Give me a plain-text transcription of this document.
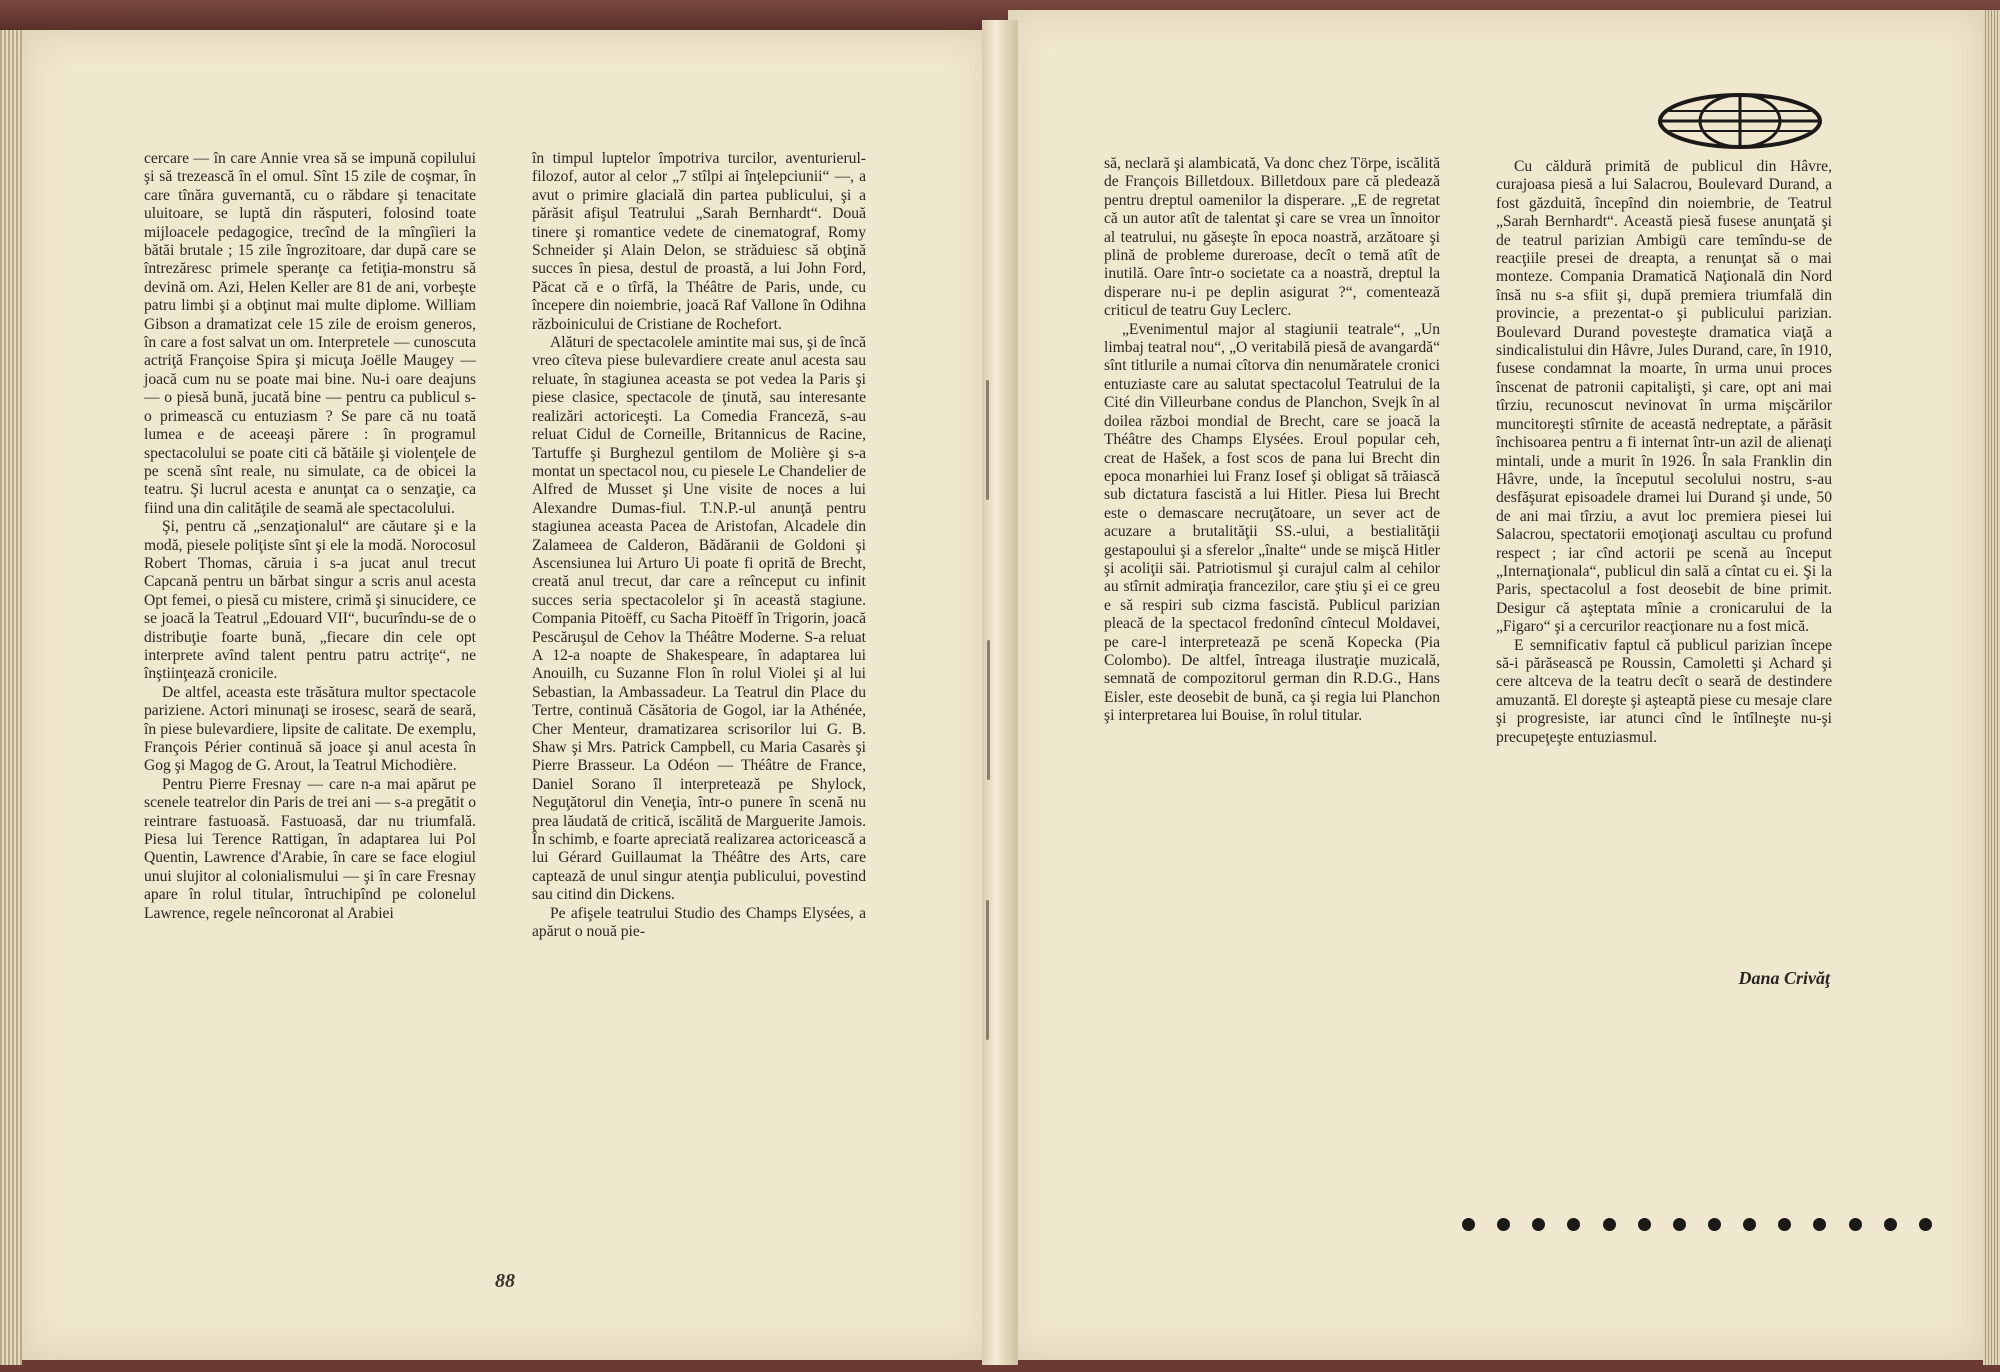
cercare — în care Annie vrea să se impună copilului şi să trezească în el omul. Sînt 15 zile de coşmar, în care tînăra guvernantă, cu o răbdare şi tenacitate uluitoare, se luptă din răsputeri, folosind toate mijloacele pedagogice, trecînd de la mîngîieri la bătăi brutale ; 15 zile îngrozitoare, dar după care se întrezăresc primele speranţe ca fetiţia-monstru să devină om. Azi, Helen Keller are 81 de ani, vorbeşte patru limbi şi a obţinut mai multe diplome. William Gibson a dramatizat cele 15 zile de eroism generos, în care a fost salvat un om. Interpretele — cunoscuta actriţă Françoise Spira şi micuţa Joëlle Maugey — joacă cum nu se poate mai bine. Nu-i oare deajuns — o piesă bună, jucată bine — pentru ca publicul s-o primească cu entuziasm ? Se pare că nu toată lumea e de aceeaşi părere : în programul spectacolului se poate citi că bătăile şi violenţele de pe scenă sînt reale, nu simulate, ca de obicei la teatru. Şi lucrul acesta e anunţat ca o senzaţie, ca fiind una din calităţile de seamă ale spectacolului.

Şi, pentru că „senzaţionalul“ are căutare şi e la modă, piesele poliţiste sînt şi ele la modă. Norocosul Robert Thomas, căruia i s-a jucat anul trecut Capcană pentru un bărbat singur a scris anul acesta Opt femei, o piesă cu mistere, crimă şi sinucidere, ce se joacă la Teatrul „Edouard VII“, bucurîndu-se de o distribuţie foarte bună, „fiecare din cele opt interprete avînd talent pentru patru actriţe“, ne înştiinţează cronicile.

De altfel, aceasta este trăsătura multor spectacole pariziene. Actori minunaţi se irosesc, seară de seară, în piese bulevardiere, lipsite de calitate. De exemplu, François Périer continuă să joace şi anul acesta în Gog şi Magog de G. Arout, la Teatrul Michodière.

Pentru Pierre Fresnay — care n-a mai apărut pe scenele teatrelor din Paris de trei ani — s-a pregătit o reintrare fastuoasă. Fastuoasă, dar nu triumfală. Piesa lui Terence Rattigan, în adaptarea lui Pol Quentin, Lawrence d'Arabie, în care se face elogiul unui slujitor al colonialismului — şi în care Fresnay apare în rolul titular, întruchipînd pe colonelul Lawrence, regele neîncoronat al Arabiei

în timpul luptelor împotriva turcilor, aventurierul-filozof, autor al celor „7 stîlpi ai înţelepciunii“ —, a avut o primire glacială din partea publicului, şi a părăsit afişul Teatrului „Sarah Bernhardt“. Două tinere şi romantice vedete de cinematograf, Romy Schneider şi Alain Delon, se străduiesc să obţină succes în piesa, destul de proastă, a lui John Ford, Păcat că e o tîrfă, la Théâtre de Paris, unde, cu începere din noiembrie, joacă Raf Vallone în Odihna războinicului de Cristiane de Rochefort.

Alături de spectacolele amintite mai sus, şi de încă vreo cîteva piese bulevardiere create anul acesta sau reluate, în stagiunea aceasta se pot vedea la Paris şi piese clasice, spectacole de ţinută, sau interesante realizări actoriceşti. La Comedia Franceză, s-au reluat Cidul de Corneille, Britannicus de Racine, Tartuffe şi Burghezul gentilom de Molière şi s-a montat un spectacol nou, cu piesele Le Chandelier de Alfred de Musset şi Une visite de noces a lui Alexandre Dumas-fiul. T.N.P.-ul anunţă pentru stagiunea aceasta Pacea de Aristofan, Alcadele din Zalameea de Calderon, Bădăranii de Goldoni şi Ascensiunea lui Arturo Ui poate fi oprită de Brecht, creată anul trecut, dar care a reînceput cu infinit succes seria spectacolelor şi în această stagiune. Compania Pitoëff, cu Sacha Pitoëff în Trigorin, joacă Pescăruşul de Cehov la Théâtre Moderne. S-a reluat A 12-a noapte de Shakespeare, în adaptarea lui Anouilh, cu Suzanne Flon în rolul Violei şi al lui Sebastian, la Ambassadeur. La Teatrul din Place du Tertre, continuă Căsătoria de Gogol, iar la Athénée, Cher Menteur, dramatizarea scrisorilor lui G. B. Shaw şi Mrs. Patrick Campbell, cu Maria Casarès şi Pierre Brasseur. La Odéon — Théâtre de France, Daniel Sorano îl interpretează pe Shylock, Neguţătorul din Veneţia, într-o punere în scenă nu prea lăudată de critică, iscălită de Marguerite Jamois. În schimb, e foarte apreciată realizarea actoricească a lui Gérard Guillaumat la Théâtre des Arts, care captează de unul singur atenţia publicului, povestind sau citind din Dickens.

Pe afişele teatrului Studio des Champs Elysées, a apărut o nouă pie-

88

să, neclară şi alambicată, Va donc chez Törpe, iscălită de François Billetdoux. Billetdoux pare că pledează pentru dreptul oamenilor la disperare. „E de regretat că un autor atît de talentat şi care se vrea un înnoitor al teatrului, nu găseşte în epoca noastră, arzătoare şi plină de probleme dureroase, decît o temă atît de inutilă. Oare într-o societate ca a noastră, dreptul la disperare nu-i pe deplin asigurat ?“, comentează criticul de teatru Guy Leclerc.

„Evenimentul major al stagiunii teatrale“, „Un limbaj teatral nou“, „O veritabilă piesă de avangardă“ sînt titlurile a numai cîtorva din nenumăratele cronici entuziaste care au salutat spectacolul Teatrului de la Cité din Villeurbane condus de Planchon, Svejk în al doilea război mondial de Brecht, care se joacă la Théâtre des Champs Elysées. Eroul popular ceh, creat de Hašek, a fost scos de pana lui Brecht din epoca monarhiei lui Franz Iosef şi obligat să trăiască sub dictatura fascistă a lui Hitler. Piesa lui Brecht este o demascare necruţătoare, un sever act de acuzare a brutalităţii SS.-ului, a bestialităţii gestapoului şi a sferelor „înalte“ unde se mişcă Hitler şi acoliţii săi. Patriotismul şi curajul calm al cehilor au stîrnit admiraţia francezilor, care ştiu şi ei ce greu e să respiri sub cizma fascistă. Publicul parizian pleacă de la spectacol fredonînd cîntecul Moldavei, pe care-l interpretează pe scenă Kopecka (Pia Colombo). De altfel, întreaga ilustraţie muzicală, semnată de compozitorul german din R.D.G., Hans Eisler, este deosebit de bună, ca şi regia lui Planchon şi interpretarea lui Bouise, în rolul titular.

Cu căldură primită de publicul din Hâvre, curajoasa piesă a lui Salacrou, Boulevard Durand, a fost găzduită, începînd din noiembrie, de Teatrul „Sarah Bernhardt“. Această piesă fusese anunţată şi de teatrul parizian Ambigü care temîndu-se de reacţiile presei de dreapta, a renunţat să o mai monteze. Compania Dramatică Naţională din Nord însă nu s-a sfiit şi, după premiera triumfală din provincie, a prezentat-o şi publicului parizian. Boulevard Durand povesteşte dramatica viaţă a sindicalistului din Hâvre, Jules Durand, care, în 1910, fusese condamnat la moarte, în urma unui proces înscenat de patronii capitalişti, şi care, opt ani mai tîrziu, recunoscut nevinovat în urma mişcărilor muncitoreşti stîrnite de această nedreptate, a părăsit închisoarea pentru a fi internat într-un azil de alienaţi mintali, unde a murit în 1926. În sala Franklin din Hâvre, unde, la începutul secolului nostru, s-au desfăşurat episoadele dramei lui Durand şi unde, 50 de ani mai tîrziu, a avut loc premiera piesei lui Salacrou, spectatorii emoţionaţi ascultau cu profund respect ; iar cînd actorii pe scenă au început „Internaţionala“, publicul din sală a cîntat cu ei. Şi la Paris, spectacolul a fost deosebit de bine primit. Desigur că aşteptata mînie a cronicarului de la „Figaro“ şi a cercurilor reacţionare nu a fost mică.

E semnificativ faptul că publicul parizian începe să-i părăsească pe Roussin, Camoletti şi Achard şi cere altceva de la teatru decît o seară de destindere amuzantă. El doreşte şi aşteaptă piese cu mesaje clare şi progresiste, iar atunci cînd le întîlneşte nu-şi precupeţeşte entuziasmul.

Dana Crivăţ
